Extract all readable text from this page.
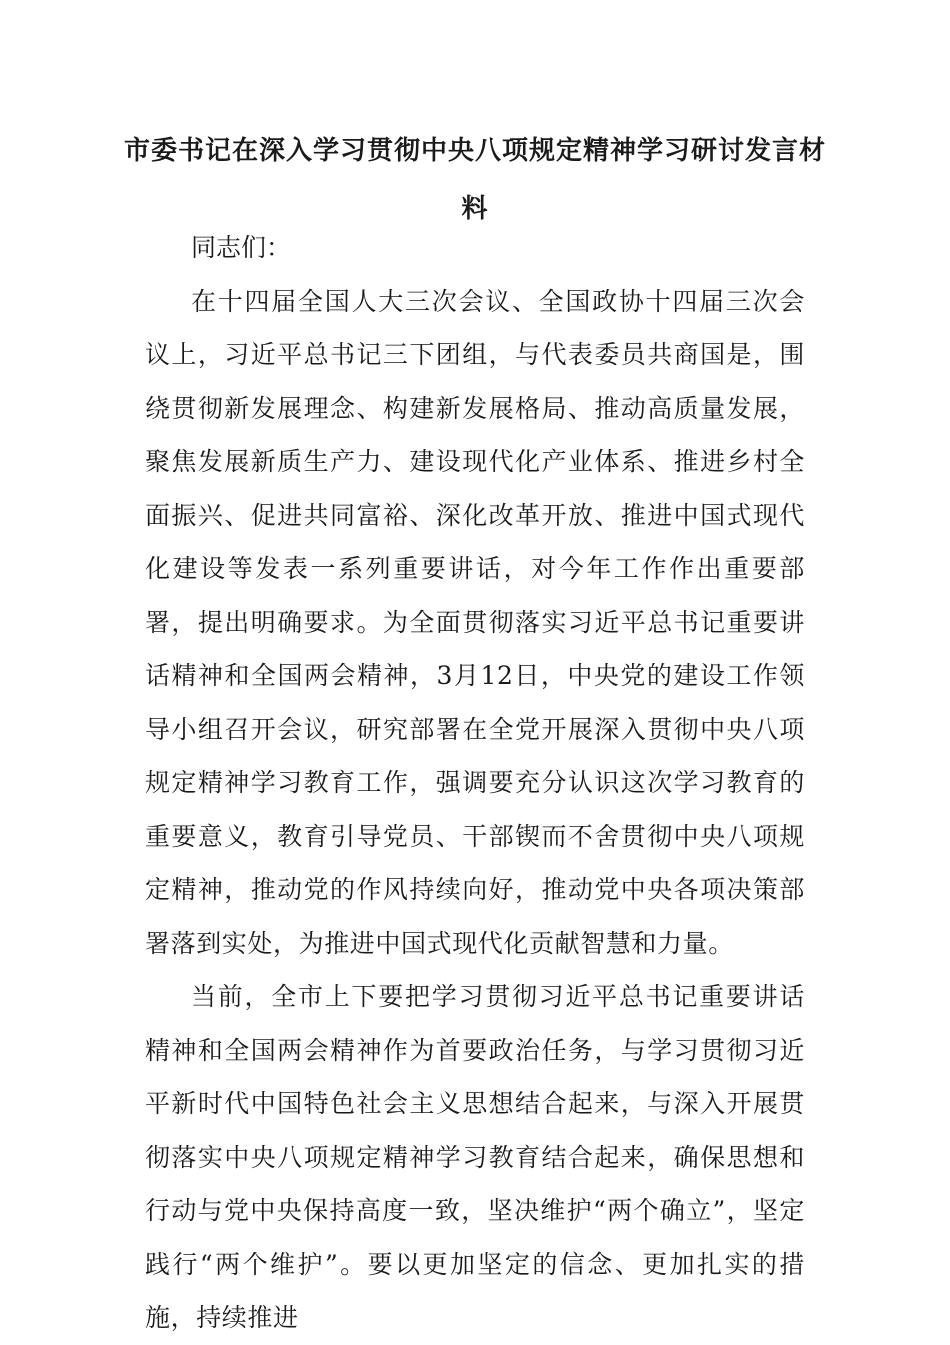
市委书记在深入学习贯彻中央八项规定精神学习研讨发言材料

同志们：

在十四届全国人大三次会议、全国政协十四届三次会议上，习近平总书记三下团组，与代表委员共商国是，围绕贯彻新发展理念、构建新发展格局、推动高质量发展，聚焦发展新质生产力、建设现代化产业体系、推进乡村全面振兴、促进共同富裕、深化改革开放、推进中国式现代化建设等发表一系列重要讲话，对今年工作作出重要部署，提出明确要求。为全面贯彻落实习近平总书记重要讲话精神和全国两会精神，3月12日，中央党的建设工作领导小组召开会议，研究部署在全党开展深入贯彻中央八项规定精神学习教育工作，强调要充分认识这次学习教育的重要意义，教育引导党员、干部锲而不舍贯彻中央八项规定精神，推动党的作风持续向好，推动党中央各项决策部署落到实处，为推进中国式现代化贡献智慧和力量。

当前，全市上下要把学习贯彻习近平总书记重要讲话精神和全国两会精神作为首要政治任务，与学习贯彻习近平新时代中国特色社会主义思想结合起来，与深入开展贯彻落实中央八项规定精神学习教育结合起来，确保思想和行动与党中央保持高度一致，坚决维护“两个确立”，坚定践行“两个维护”。要以更加坚定的信念、更加扎实的措施，持续推进
